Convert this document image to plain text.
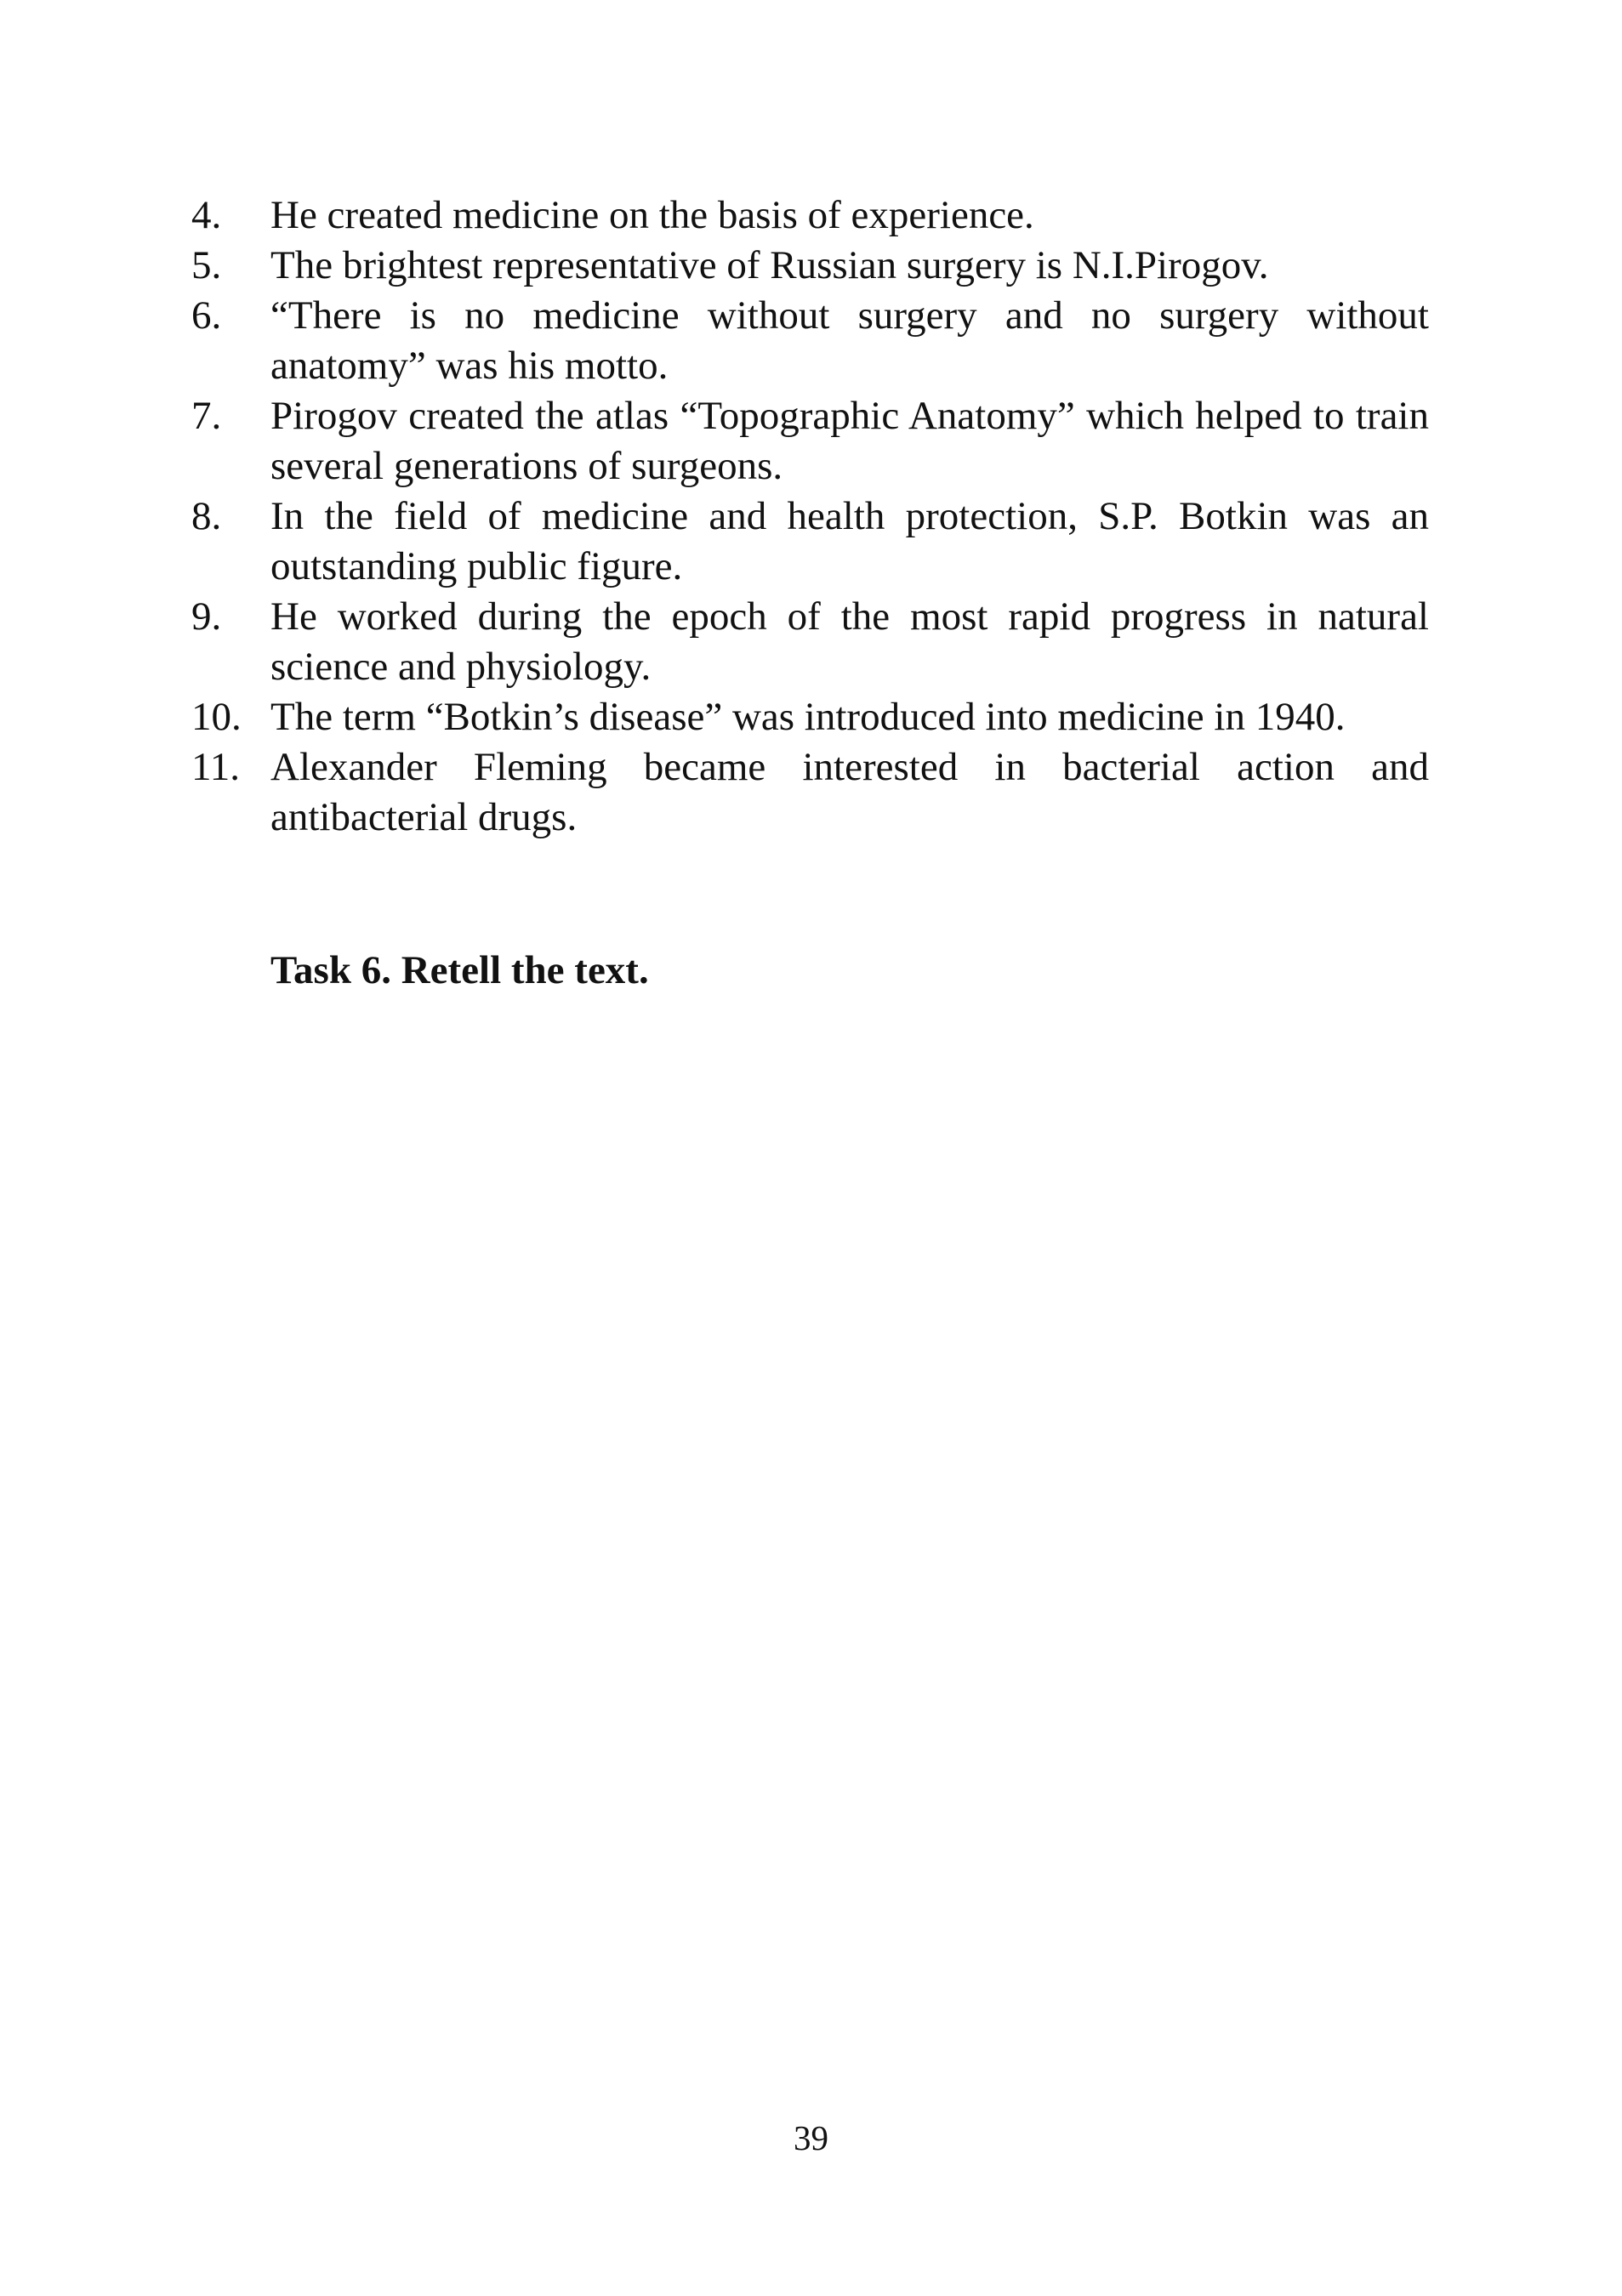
4.	He created medicine on the basis of experience.
5.	The brightest representative of Russian surgery is N.I.Pirogov.
6.	“There is no medicine without surgery and no surgery without anatomy” was his motto.
7.	Pirogov created the atlas “Topographic Anatomy” which helped to train several generations of surgeons.
8.	In the field of medicine and health protection, S.P. Botkin was an outstanding public figure.
9.	He worked during the epoch of the most rapid progress in natural science and physiology.
10. The term “Botkin’s disease” was introduced into medicine in 1940.
11. Alexander Fleming became interested in bacterial action and antibacterial drugs.
Task 6. Retell the text.
39
